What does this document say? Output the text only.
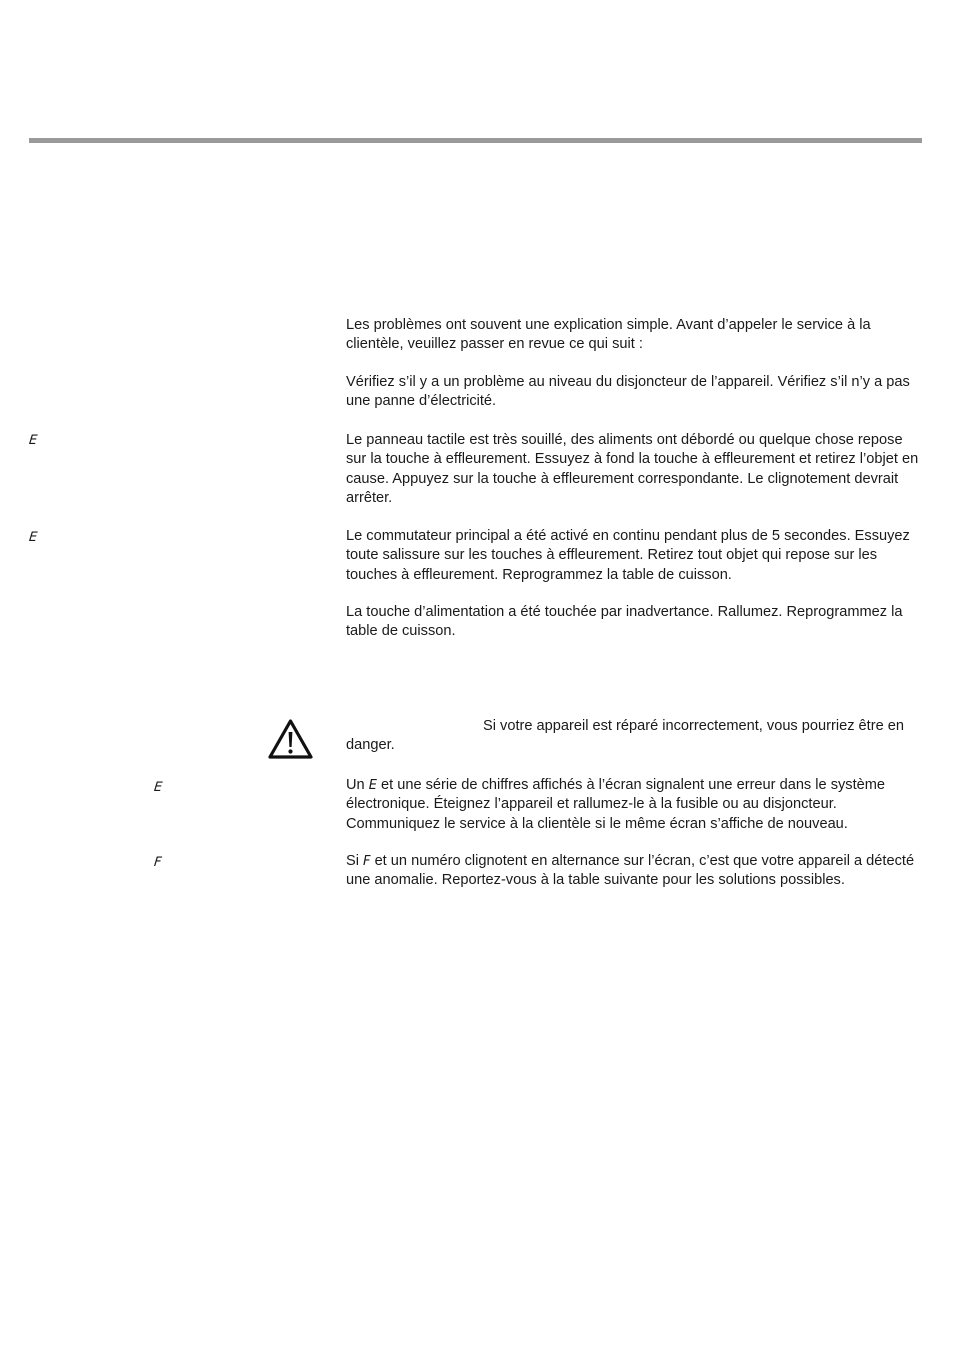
Les problèmes ont souvent une explication simple. Avant d’appeler le service à la clientèle, veuillez passer en revue ce qui suit :

Vérifiez s’il y a un problème au niveau du disjoncteur de l’appareil. Vérifiez s’il n’y a pas une panne d’électricité.

E	Le panneau tactile est très souillé, des aliments ont débordé ou quelque chose repose sur la touche à effleurement. Essuyez à fond la touche à effleurement et retirez l’objet en cause. Appuyez sur la touche à effleurement correspondante. Le clignotement devrait arrêter.

E	Le commutateur principal a été activé en continu pendant plus de 5 secondes. Essuyez toute salissure sur les touches à effleurement. Retirez tout objet qui repose sur les touches à effleurement. Reprogrammez la table de cuisson.

La touche d’alimentation a été touchée par inadvertance. Rallumez. Reprogrammez la table de cuisson.

Si votre appareil est réparé incorrectement, vous pourriez être en danger.

E	Un E et une série de chiffres affichés à l’écran signalent une erreur dans le système électronique. Éteignez l’appareil et rallumez-le à la fusible ou au disjoncteur. Communiquez le service à la clientèle si le même écran s’affiche de nouveau.

F	Si F et un numéro clignotent en alternance sur l’écran, c’est que votre appareil a détecté une anomalie. Reportez-vous à la table suivante pour les solutions possibles.
